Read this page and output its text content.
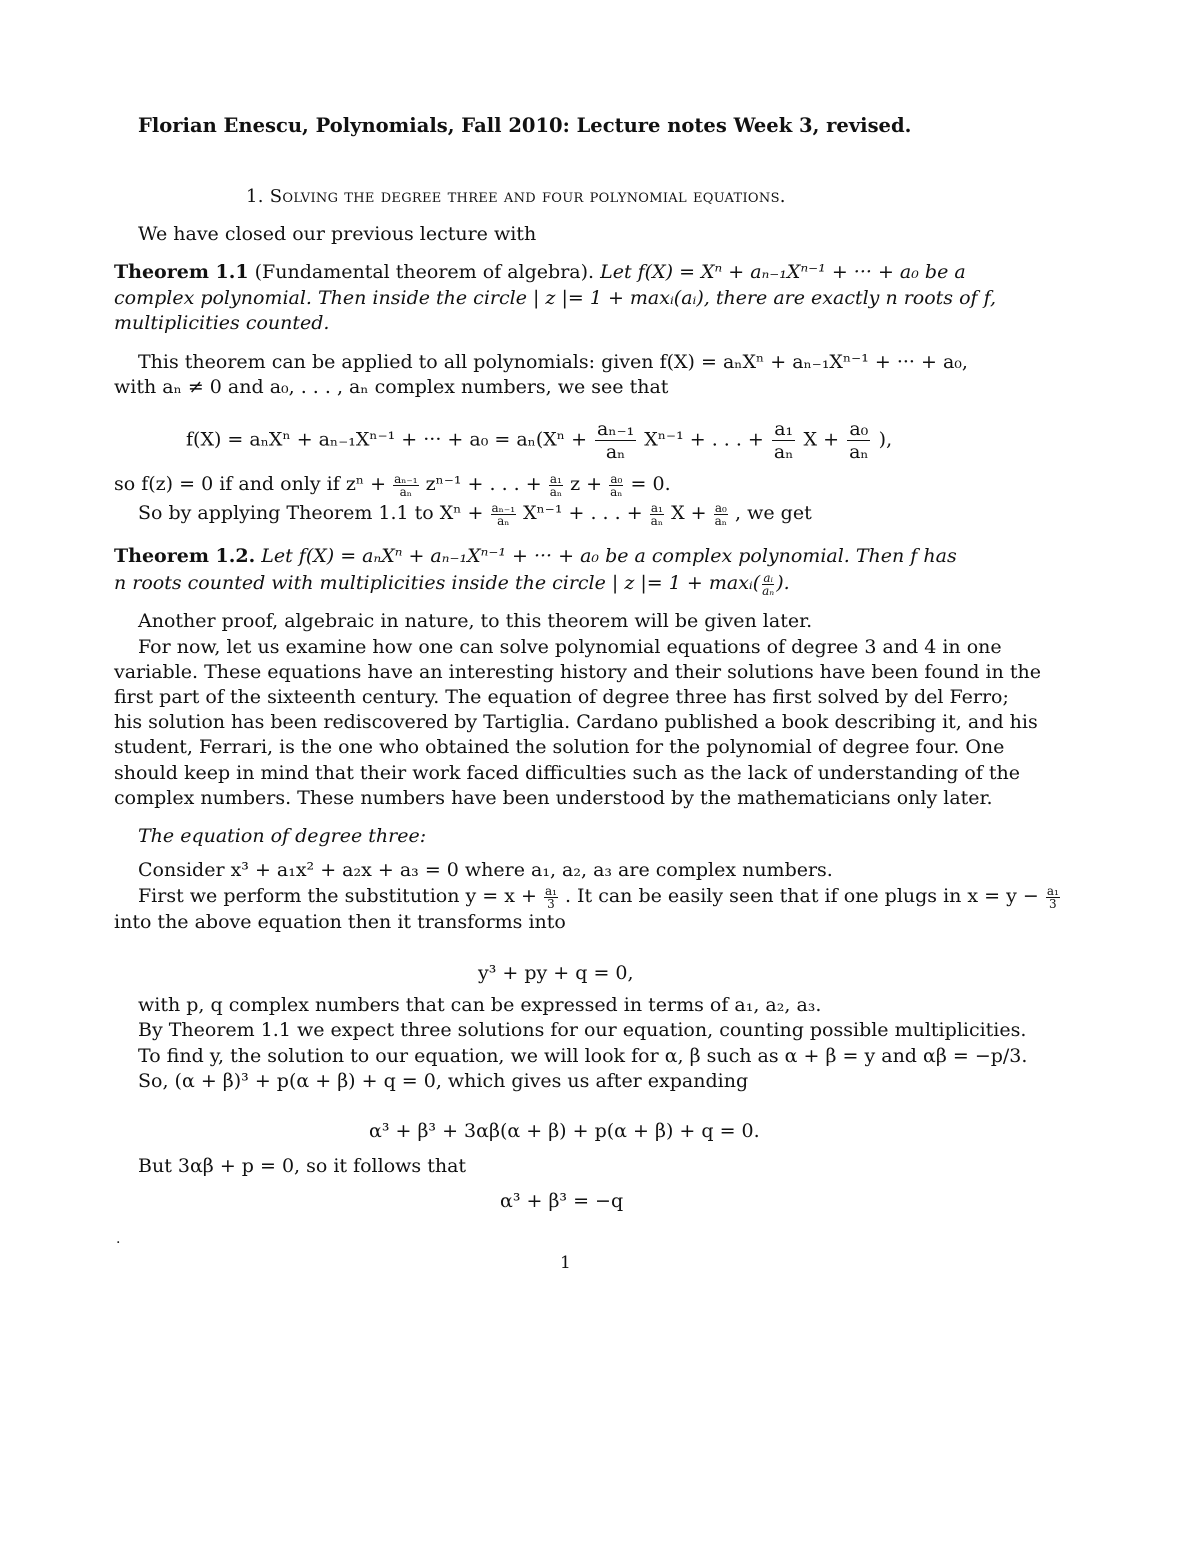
Florian Enescu, Polynomials, Fall 2010: Lecture notes Week 3, revised.
1. Solving the degree three and four polynomial equations.
We have closed our previous lecture with
Theorem 1.1 (Fundamental theorem of algebra). Let f(X) = Xⁿ + aₙ₋₁Xⁿ⁻¹ + ··· + a₀ be a
complex polynomial. Then inside the circle | z |= 1 + maxᵢ(aᵢ), there are exactly n roots of f,
multiplicities counted.
This theorem can be applied to all polynomials: given f(X) = aₙXⁿ + aₙ₋₁Xⁿ⁻¹ + ··· + a₀,
with aₙ ≠ 0 and a₀, . . . , aₙ complex numbers, we see that
f(X) = aₙXⁿ + aₙ₋₁Xⁿ⁻¹ + ··· + $a_0 = a_n(X^n + \frac{\text{aₙ₋₁}}{\text{aₙ}} X^{n-1}$ + . . . + $\frac{\text{a₁}}{\text{aₙ}}$ $X + \frac{\text{a₀}}{\text{aₙ}}$ ),
so f(z) = 0 if and only if $z^n + \frac{\text{aₙ₋₁}}{\text{aₙ}} z^{n-1}$ + . . . + $\frac{\text{a₁}}{\text{aₙ}}$ $z + \frac{\text{a₀}}{\text{aₙ}} = 0$.
So by applying Theorem 1.1 to $X^n + \frac{\text{aₙ₋₁}}{\text{aₙ}} X^{n-1}$ + . . . + $\frac{\text{a₁}}{\text{aₙ}}$ $X + \frac{\text{a₀}}{\text{aₙ}}$ , we get
Theorem 1.2. Let f(X) = aₙXⁿ + aₙ₋₁Xⁿ⁻¹ + ··· + a₀ be a complex polynomial. Then f has
n roots counted with multiplicities inside the circle | z |= 1 + maxᵢ( $\frac{\text{aᵢ}}{\text{aₙ}}$ ).
Another proof, algebraic in nature, to this theorem will be given later.
For now, let us examine how one can solve polynomial equations of degree 3 and 4 in one
variable. These equations have an interesting history and their solutions have been found in the
first part of the sixteenth century. The equation of degree three has first solved by del Ferro;
his solution has been rediscovered by Tartiglia. Cardano published a book describing it, and his
student, Ferrari, is the one who obtained the solution for the polynomial of degree four. One
should keep in mind that their work faced difficulties such as the lack of understanding of the
complex numbers. These numbers have been understood by the mathematicians only later.
The equation of degree three:
Consider x³ + a₁x² + a₂x + a₃ = 0 where a₁, a₂, a₃ are complex numbers.
First we perform the substitution $y = x + \frac{\text{a₁}}{3}$ . It can be easily seen that if one plugs in $x = y - \frac{\text{a₁}}{3}$
into the above equation then it transforms into
y³ + py + q = 0,
with p, q complex numbers that can be expressed in terms of a₁, a₂, a₃.
By Theorem 1.1 we expect three solutions for our equation, counting possible multiplicities.
To find y, the solution to our equation, we will look for α, β such as α + β = y and αβ = −p/3.
So, (α + β)³ + p(α + β) + q = 0, which gives us after expanding
α³ + β³ + 3αβ(α + β) + p(α + β) + q = 0.
But 3αβ + p = 0, so it follows that
α³ + β³ = −q
.
1
